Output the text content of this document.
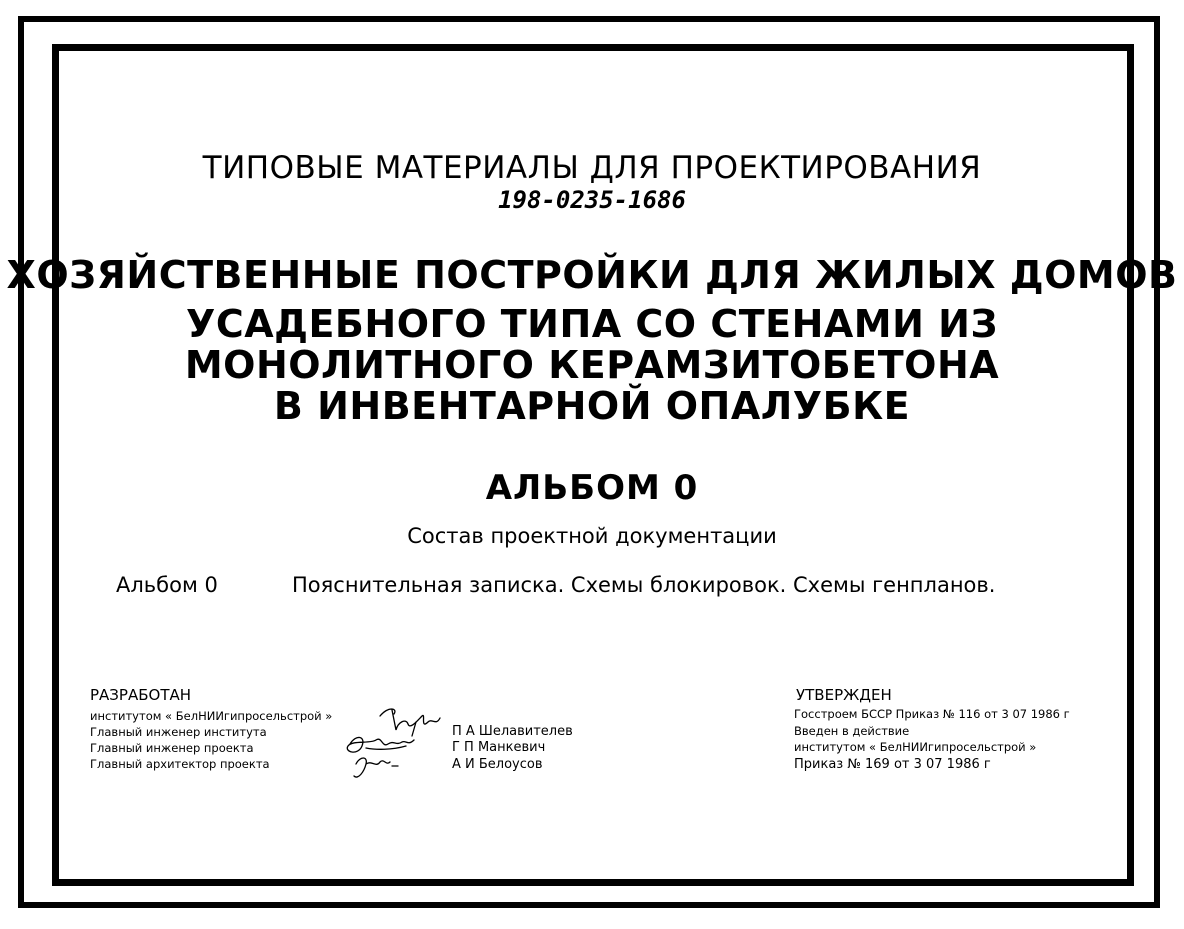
ТИПОВЫЕ МАТЕРИАЛЫ ДЛЯ ПРОЕКТИРОВАНИЯ
198-0235-1686
ХОЗЯЙСТВЕННЫЕ ПОСТРОЙКИ ДЛЯ ЖИЛЫХ ДОМОВ
УСАДЕБНОГО ТИПА СО СТЕНАМИ ИЗ
МОНОЛИТНОГО КЕРАМЗИТОБЕТОНА
В ИНВЕНТАРНОЙ ОПАЛУБКЕ
АЛЬБОМ 0
Состав проектной документации
Альбом 0	Пояснительная записка. Схемы блокировок. Схемы генпланов.
РАЗРАБОТАН
институтом « БелНИИгипросельстрой »
Главный инженер института
Главный инженер проекта
Главный архитектор проекта
П А Шелавителев
Г П Манкевич
А И Белоусов
УТВЕРЖДЕН
Госстроем БССР Приказ № 116 от 3 07 1986 г
Введен в действие
институтом « БелНИИгипросельстрой »
Приказ № 169 от 3 07 1986 г
